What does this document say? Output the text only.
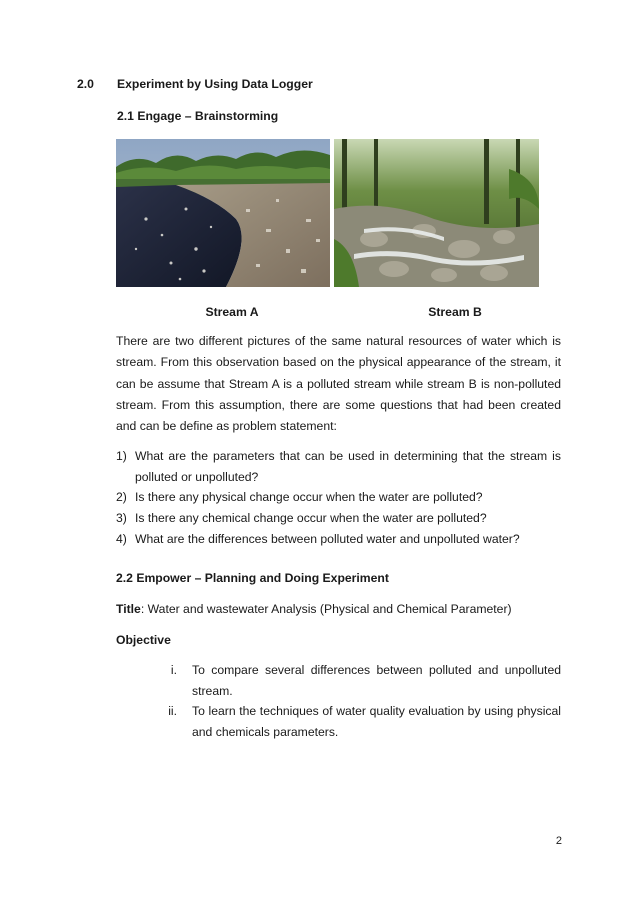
2.0 Experiment by Using Data Logger
2.1 Engage – Brainstorming
Stream A	Stream B

There are two different pictures of the same natural resources of water which is stream. From this observation based on the physical appearance of the stream, it can be assume that Stream A is a polluted stream while stream B is non-polluted stream. From this assumption, there are some questions that had been created and can be define as problem statement:

1) What are the parameters that can be used in determining that the stream is polluted or unpolluted?
2) Is there any physical change occur when the water are polluted?
3) Is there any chemical change occur when the water are polluted?
4) What are the differences between polluted water and unpolluted water?
2.2 Empower – Planning and Doing Experiment
Title: Water and wastewater Analysis (Physical and Chemical Parameter)
Objective
i. To compare several differences between polluted and unpolluted stream.
ii. To learn the techniques of water quality evaluation by using physical and chemicals parameters.
2
